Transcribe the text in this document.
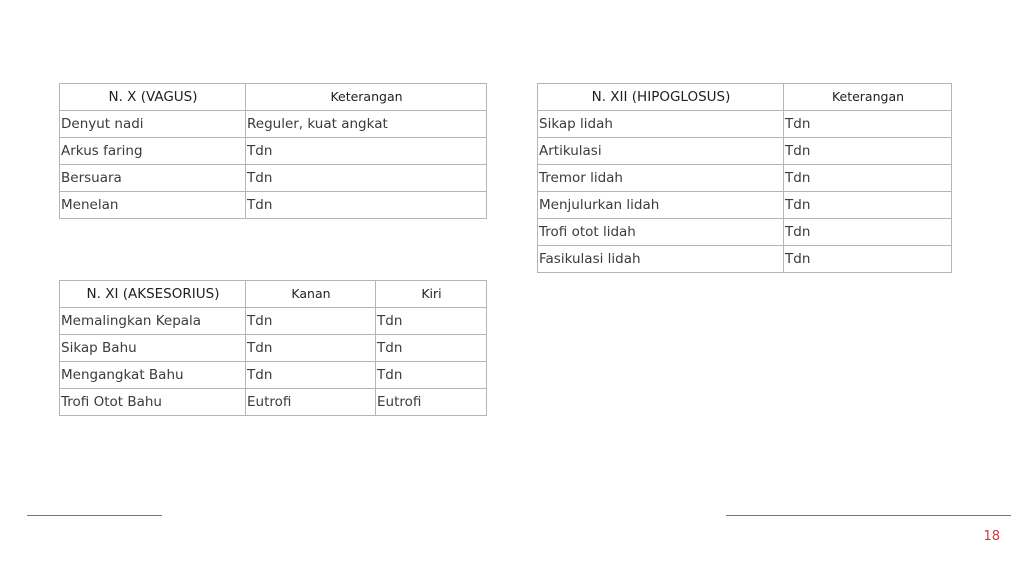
N. X (VAGUS)	Keterangan
Denyut nadi	Reguler, kuat angkat
Arkus faring	Tdn
Bersuara	Tdn
Menelan	Tdn
N. XI (AKSESORIUS)	Kanan	Kiri
Memalingkan Kepala	Tdn	Tdn
Sikap Bahu	Tdn	Tdn
Mengangkat Bahu	Tdn	Tdn
Trofi Otot Bahu	Eutrofi	Eutrofi
N. XII (HIPOGLOSUS)	Keterangan
Sikap lidah	Tdn
Artikulasi	Tdn
Tremor lidah	Tdn
Menjulurkan lidah	Tdn
Trofi otot lidah	Tdn
Fasikulasi lidah	Tdn
18
